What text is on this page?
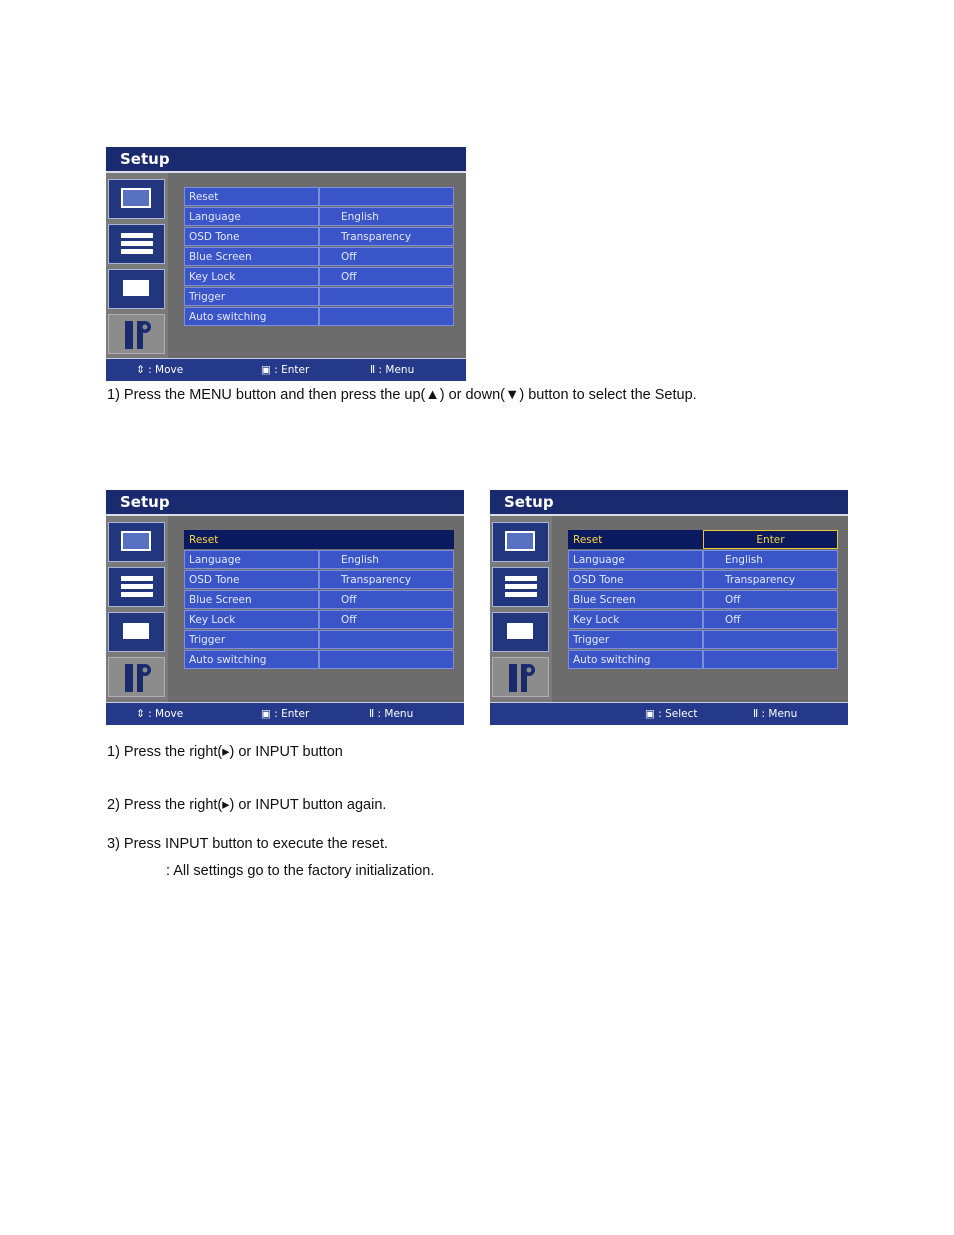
Setup
Reset
Language	English
OSD Tone	Transparency
Blue Screen	Off
Key Lock	Off
Trigger
Auto switching
⇕ : Move	▣ : Enter	Ⅱ : Menu
1) Press the MENU button and then press the up(▲) or down(▼) button to select the Setup.
Setup
Reset
Language	English
OSD Tone	Transparency
Blue Screen	Off
Key Lock	Off
Trigger
Auto switching
⇕ : Move	▣ : Enter	Ⅱ : Menu
Setup
Reset	Enter
Language	English
OSD Tone	Transparency
Blue Screen	Off
Key Lock	Off
Trigger
Auto switching
▣ : Select	Ⅱ : Menu
1) Press the right(▸) or INPUT button
2) Press the right(▸) or INPUT button again.
3) Press INPUT button to execute the reset.
: All settings go to the factory initialization.
